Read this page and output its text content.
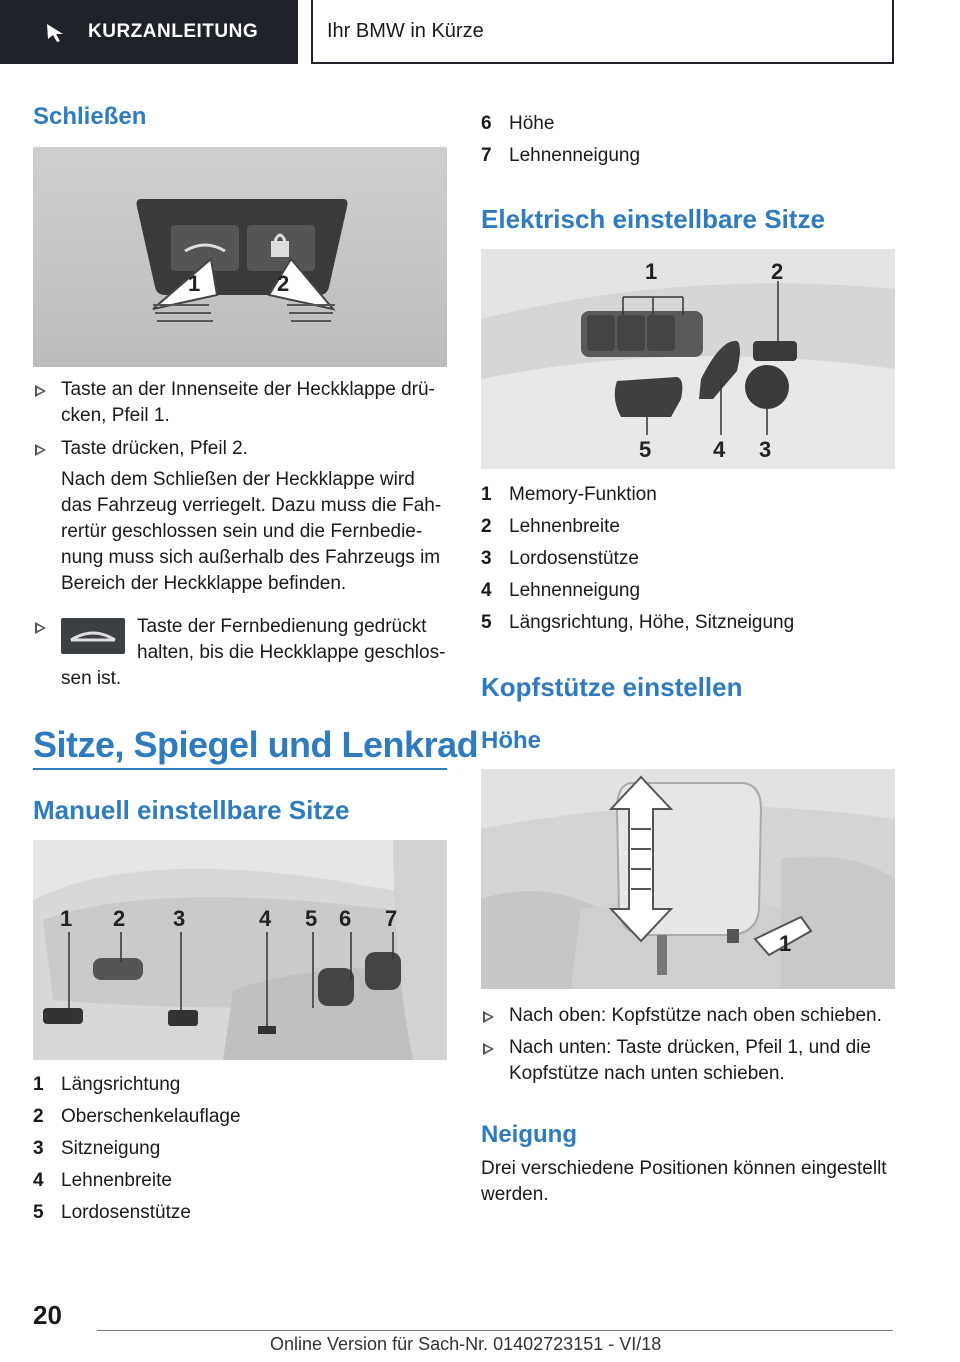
KURZANLEITUNG	Ihr BMW in Kürze
Schließen
1	2

Taste an der Innenseite der Heckklappe drü-

cken, Pfeil 1.

Taste drücken, Pfeil 2.

Nach dem Schließen der Heckklappe wird

das Fahrzeug verriegelt. Dazu muss die Fah-

rertür geschlossen sein und die Fernbedie-

nung muss sich außerhalb des Fahrzeugs im

Bereich der Heckklappe befinden.

Taste der Fernbedienung gedrückt

halten, bis die Heckklappe geschlos-

sen ist.

Sitze, Spiegel und Lenkrad
Manuell einstellbare Sitze
1 2 3	4 5 6 7
1 Längsrichtung
2 Oberschenkelauflage
3 Sitzneigung
4 Lehnenbreite
5 Lordosenstütze
6 Höhe
7 Lehnenneigung
Elektrisch einstellbare Sitze
1	2
5	4 3
1 Memory-Funktion
2 Lehnenbreite
3 Lordosenstütze
4 Lehnenneigung
5 Längsrichtung, Höhe, Sitzneigung
Kopfstütze einstellen
Höhe
1

Nach oben: Kopfstütze nach oben schieben.

Nach unten: Taste drücken, Pfeil 1, und die

Kopfstütze nach unten schieben.

Neigung

Drei verschiedene Positionen können eingestellt

werden.

20
Online Version für Sach-Nr. 01402723151 - VI/18
